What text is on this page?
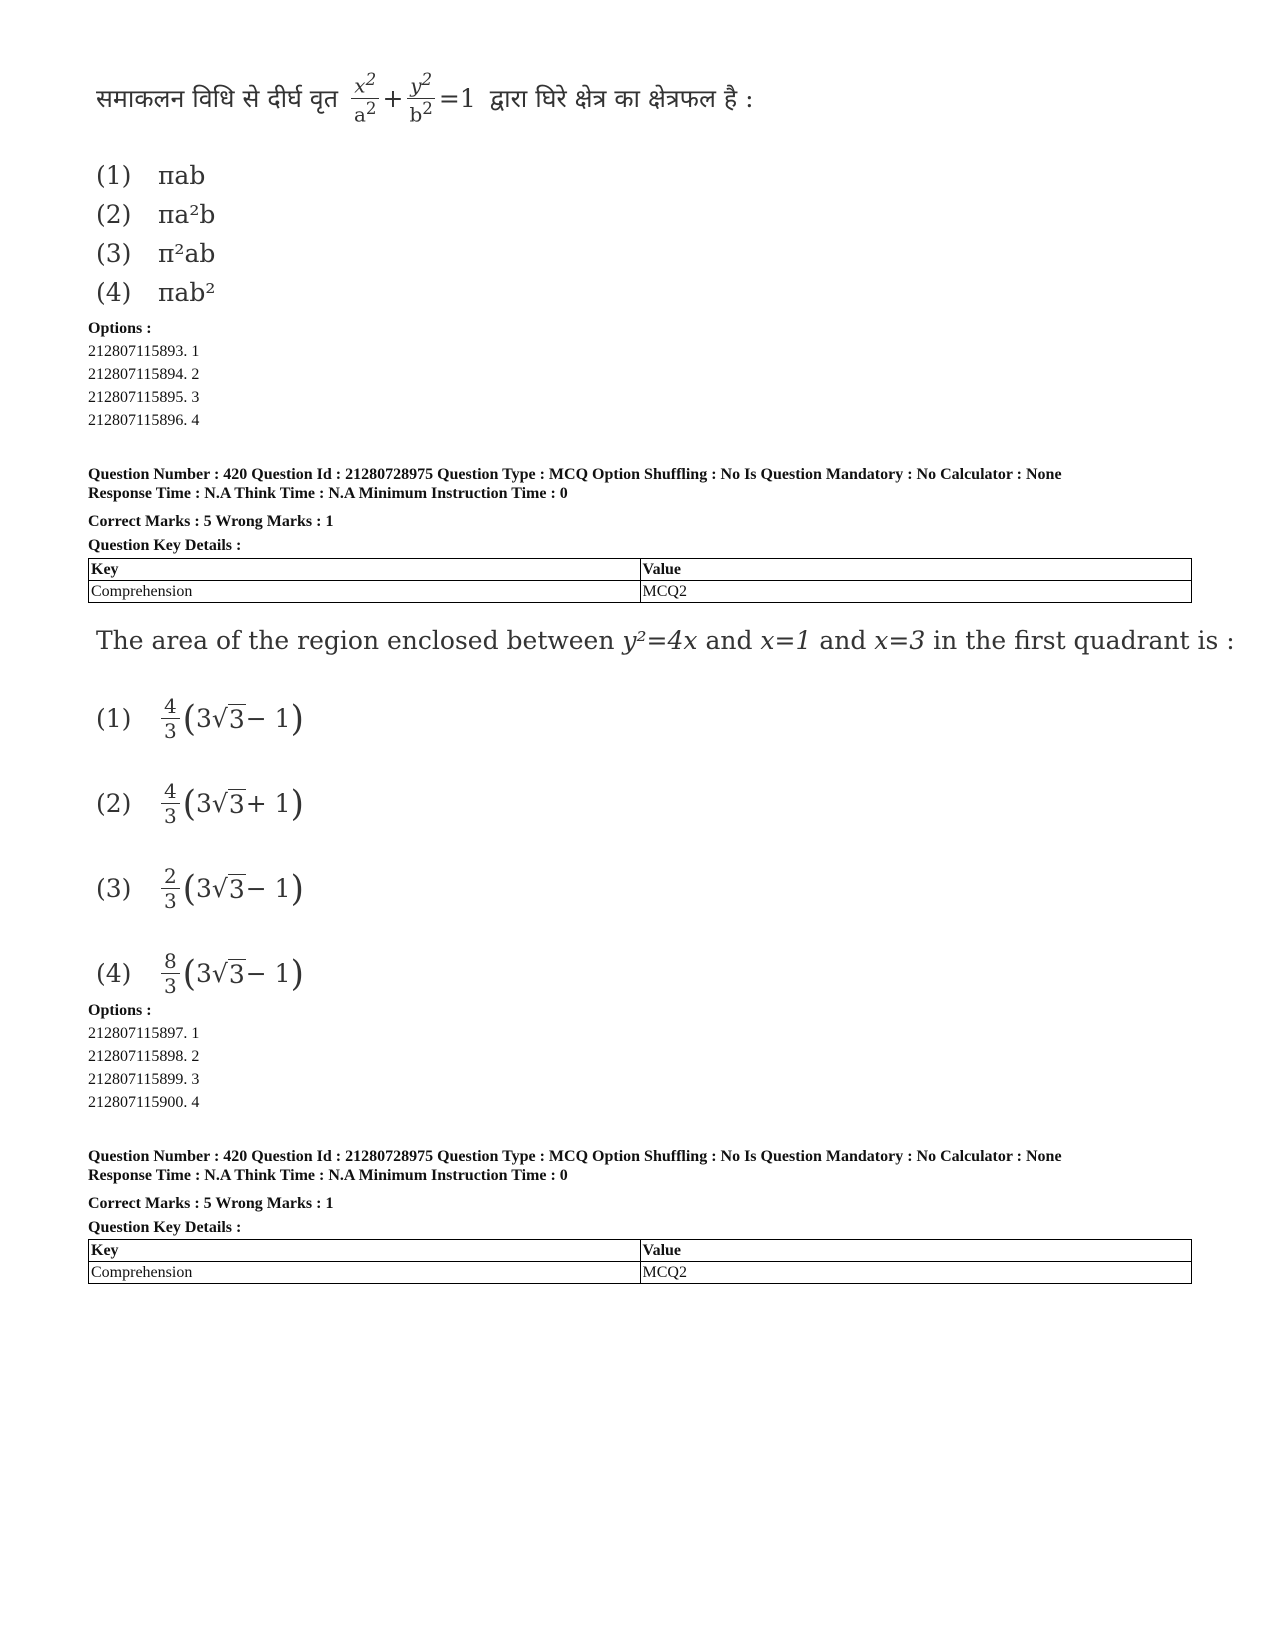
समाकलन विधि से दीर्घ वृत $\frac{x^2}{a^2} + \frac{y^2}{b^2} =1$ द्वारा घिरे क्षेत्र का क्षेत्रफल है :
(1)	πab
(2)	πa²b
(3)	π²ab
(4)	πab²
Options :
212807115893. 1
212807115894. 2
212807115895. 3
212807115896. 4
Question Number : 420 Question Id : 21280728975 Question Type : MCQ Option Shuffling : No Is Question Mandatory : No Calculator : None
Response Time : N.A Think Time : N.A Minimum Instruction Time : 0
Correct Marks : 5 Wrong Marks : 1
Question Key Details :
Key	Value
Comprehension	MCQ2
The area of the region enclosed between y²=4x and x=1 and x=3 in the first quadrant is :
(1)	$\frac{4}{3}$ ( 3 √ 3 − 1 )
(2)	$\frac{4}{3}$ ( 3 √ 3 + 1 )
(3)	$\frac{2}{3}$ ( 3 √ 3 − 1 )
(4)	$\frac{8}{3}$ ( 3 √ 3 − 1 )
Options :
212807115897. 1
212807115898. 2
212807115899. 3
212807115900. 4
Question Number : 420 Question Id : 21280728975 Question Type : MCQ Option Shuffling : No Is Question Mandatory : No Calculator : None
Response Time : N.A Think Time : N.A Minimum Instruction Time : 0
Correct Marks : 5 Wrong Marks : 1
Question Key Details :
Key	Value
Comprehension	MCQ2
